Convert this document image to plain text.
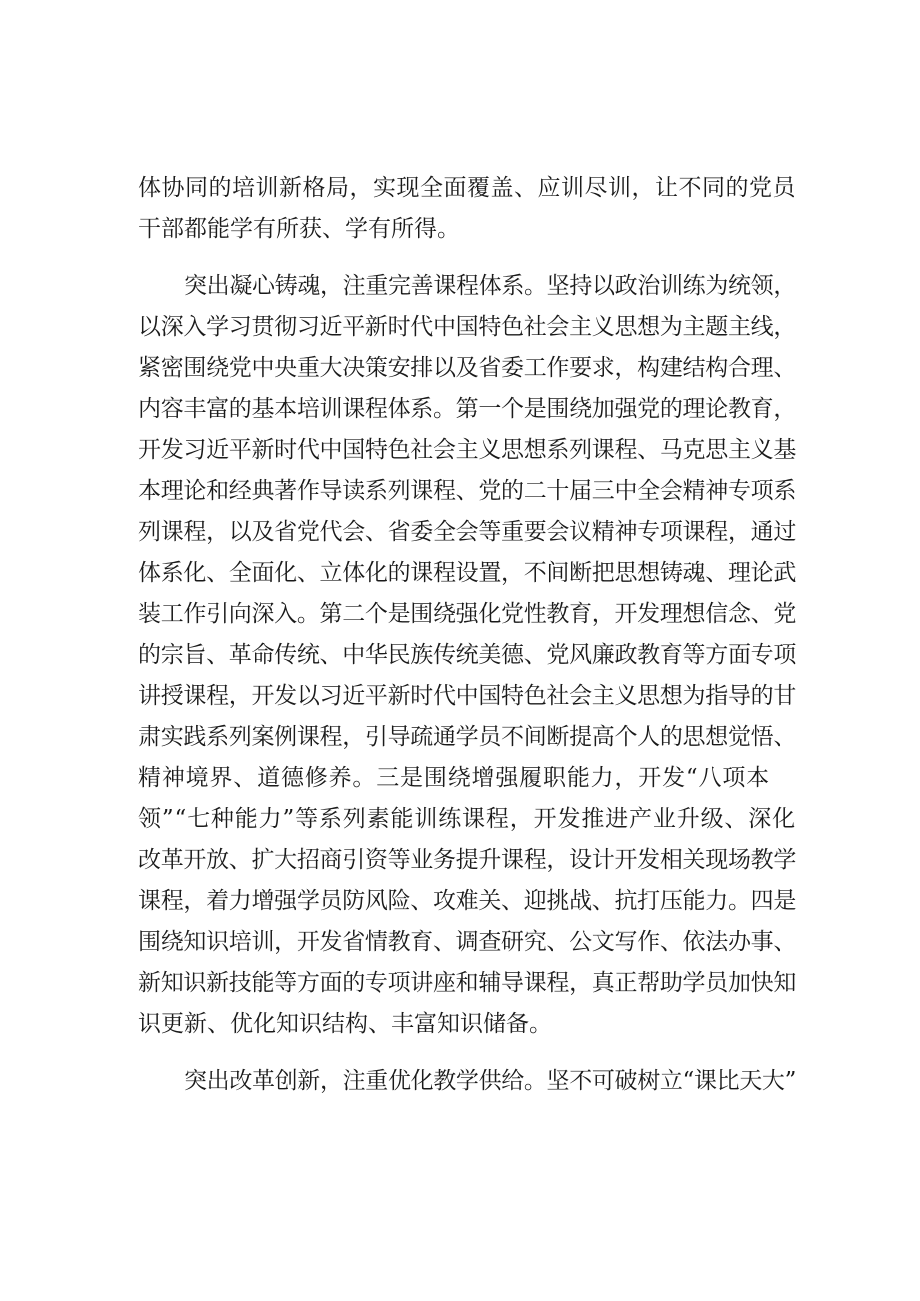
体协同的培训新格局，实现全面覆盖、应训尽训，让不同的党员
干部都能学有所获、学有所得。
突出凝心铸魂，注重完善课程体系。坚持以政治训练为统领，
以深入学习贯彻习近平新时代中国特色社会主义思想为主题主线，
紧密围绕党中央重大决策安排以及省委工作要求，构建结构合理、
内容丰富的基本培训课程体系。第一个是围绕加强党的理论教育，
开发习近平新时代中国特色社会主义思想系列课程、马克思主义基
本理论和经典著作导读系列课程、党的二十届三中全会精神专项系
列课程，以及省党代会、省委全会等重要会议精神专项课程，通过
体系化、全面化、立体化的课程设置，不间断把思想铸魂、理论武
装工作引向深入。第二个是围绕强化党性教育，开发理想信念、党
的宗旨、革命传统、中华民族传统美德、党风廉政教育等方面专项
讲授课程，开发以习近平新时代中国特色社会主义思想为指导的甘
肃实践系列案例课程，引导疏通学员不间断提高个人的思想觉悟、
精神境界、道德修养。三是围绕增强履职能力，开发“八项本
领”“七种能力”等系列素能训练课程，开发推进产业升级、深化
改革开放、扩大招商引资等业务提升课程，设计开发相关现场教学
课程，着力增强学员防风险、攻难关、迎挑战、抗打压能力。四是
围绕知识培训，开发省情教育、调查研究、公文写作、依法办事、
新知识新技能等方面的专项讲座和辅导课程，真正帮助学员加快知
识更新、优化知识结构、丰富知识储备。
突出改革创新，注重优化教学供给。坚不可破树立“课比天大”
